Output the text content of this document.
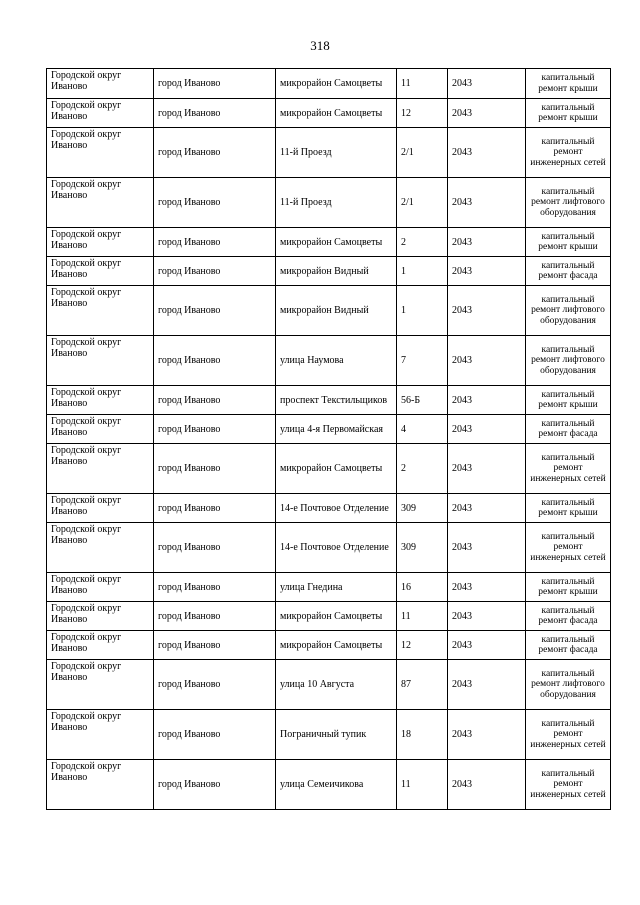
318
Городской округ Иваново	город Иваново	микрорайон Самоцветы	11	2043	капитальный ремонт крыши
Городской округ Иваново	город Иваново	микрорайон Самоцветы	12	2043	капитальный ремонт крыши
Городской округ Иваново	город Иваново	11-й Проезд	2/1	2043	капитальный ремонт инженерных сетей
Городской округ Иваново	город Иваново	11-й Проезд	2/1	2043	капитальный ремонт лифтового оборудования
Городской округ Иваново	город Иваново	микрорайон Самоцветы	2	2043	капитальный ремонт крыши
Городской округ Иваново	город Иваново	микрорайон Видный	1	2043	капитальный ремонт фасада
Городской округ Иваново	город Иваново	микрорайон Видный	1	2043	капитальный ремонт лифтового оборудования
Городской округ Иваново	город Иваново	улица Наумова	7	2043	капитальный ремонт лифтового оборудования
Городской округ Иваново	город Иваново	проспект Текстильщиков	56-Б	2043	капитальный ремонт крыши
Городской округ Иваново	город Иваново	улица 4-я Первомайская	4	2043	капитальный ремонт фасада
Городской округ Иваново	город Иваново	микрорайон Самоцветы	2	2043	капитальный ремонт инженерных сетей
Городской округ Иваново	город Иваново	14-е Почтовое Отделение	309	2043	капитальный ремонт крыши
Городской округ Иваново	город Иваново	14-е Почтовое Отделение	309	2043	капитальный ремонт инженерных сетей
Городской округ Иваново	город Иваново	улица Гнедина	16	2043	капитальный ремонт крыши
Городской округ Иваново	город Иваново	микрорайон Самоцветы	11	2043	капитальный ремонт фасада
Городской округ Иваново	город Иваново	микрорайон Самоцветы	12	2043	капитальный ремонт фасада
Городской округ Иваново	город Иваново	улица 10 Августа	87	2043	капитальный ремонт лифтового оборудования
Городской округ Иваново	город Иваново	Пограничный тупик	18	2043	капитальный ремонт инженерных сетей
Городской округ Иваново	город Иваново	улица Семеичикова	11	2043	капитальный ремонт инженерных сетей
